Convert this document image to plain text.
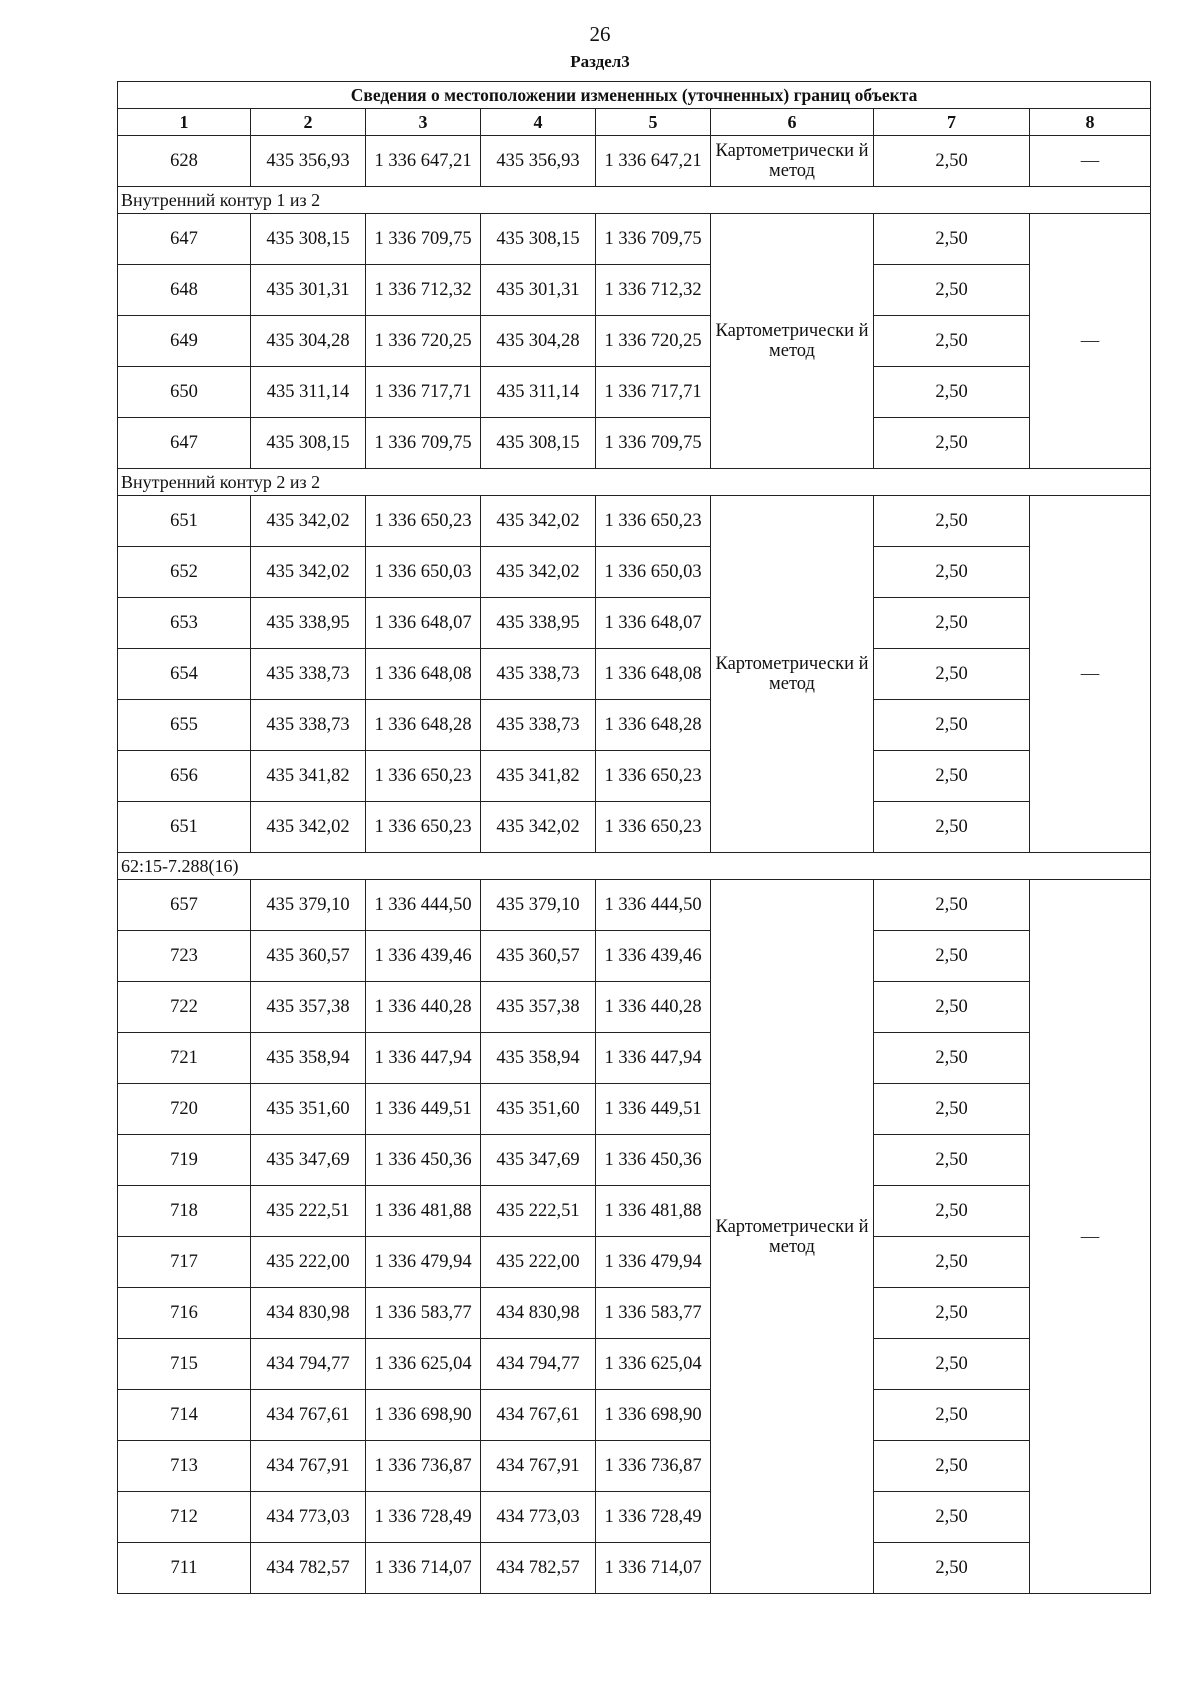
26
Раздел3
Сведения о местоположении измененных (уточненных) границ объекта							
1	2	3	4	5	6	7	8
628	435 356,93	1 336 647,21	435 356,93	1 336 647,21	Картометрически й метод	2,50	—
Внутренний контур 1 из 2							
647	435 308,15	1 336 709,75	435 308,15	1 336 709,75	Картометрически й метод	2,50	—
648	435 301,31	1 336 712,32	435 301,31	1 336 712,32		2,50	
649	435 304,28	1 336 720,25	435 304,28	1 336 720,25		2,50	
650	435 311,14	1 336 717,71	435 311,14	1 336 717,71		2,50	
647	435 308,15	1 336 709,75	435 308,15	1 336 709,75		2,50	
Внутренний контур 2 из 2							
651	435 342,02	1 336 650,23	435 342,02	1 336 650,23	Картометрически й метод	2,50	—
652	435 342,02	1 336 650,03	435 342,02	1 336 650,03		2,50	
653	435 338,95	1 336 648,07	435 338,95	1 336 648,07		2,50	
654	435 338,73	1 336 648,08	435 338,73	1 336 648,08		2,50	
655	435 338,73	1 336 648,28	435 338,73	1 336 648,28		2,50	
656	435 341,82	1 336 650,23	435 341,82	1 336 650,23		2,50	
651	435 342,02	1 336 650,23	435 342,02	1 336 650,23		2,50	
62:15-7.288(16)							
657	435 379,10	1 336 444,50	435 379,10	1 336 444,50	Картометрически й метод	2,50	—
723	435 360,57	1 336 439,46	435 360,57	1 336 439,46		2,50	
722	435 357,38	1 336 440,28	435 357,38	1 336 440,28		2,50	
721	435 358,94	1 336 447,94	435 358,94	1 336 447,94		2,50	
720	435 351,60	1 336 449,51	435 351,60	1 336 449,51		2,50	
719	435 347,69	1 336 450,36	435 347,69	1 336 450,36		2,50	
718	435 222,51	1 336 481,88	435 222,51	1 336 481,88		2,50	
717	435 222,00	1 336 479,94	435 222,00	1 336 479,94		2,50	
716	434 830,98	1 336 583,77	434 830,98	1 336 583,77		2,50	
715	434 794,77	1 336 625,04	434 794,77	1 336 625,04		2,50	
714	434 767,61	1 336 698,90	434 767,61	1 336 698,90		2,50	
713	434 767,91	1 336 736,87	434 767,91	1 336 736,87		2,50	
712	434 773,03	1 336 728,49	434 773,03	1 336 728,49		2,50	
711	434 782,57	1 336 714,07	434 782,57	1 336 714,07		2,50	
